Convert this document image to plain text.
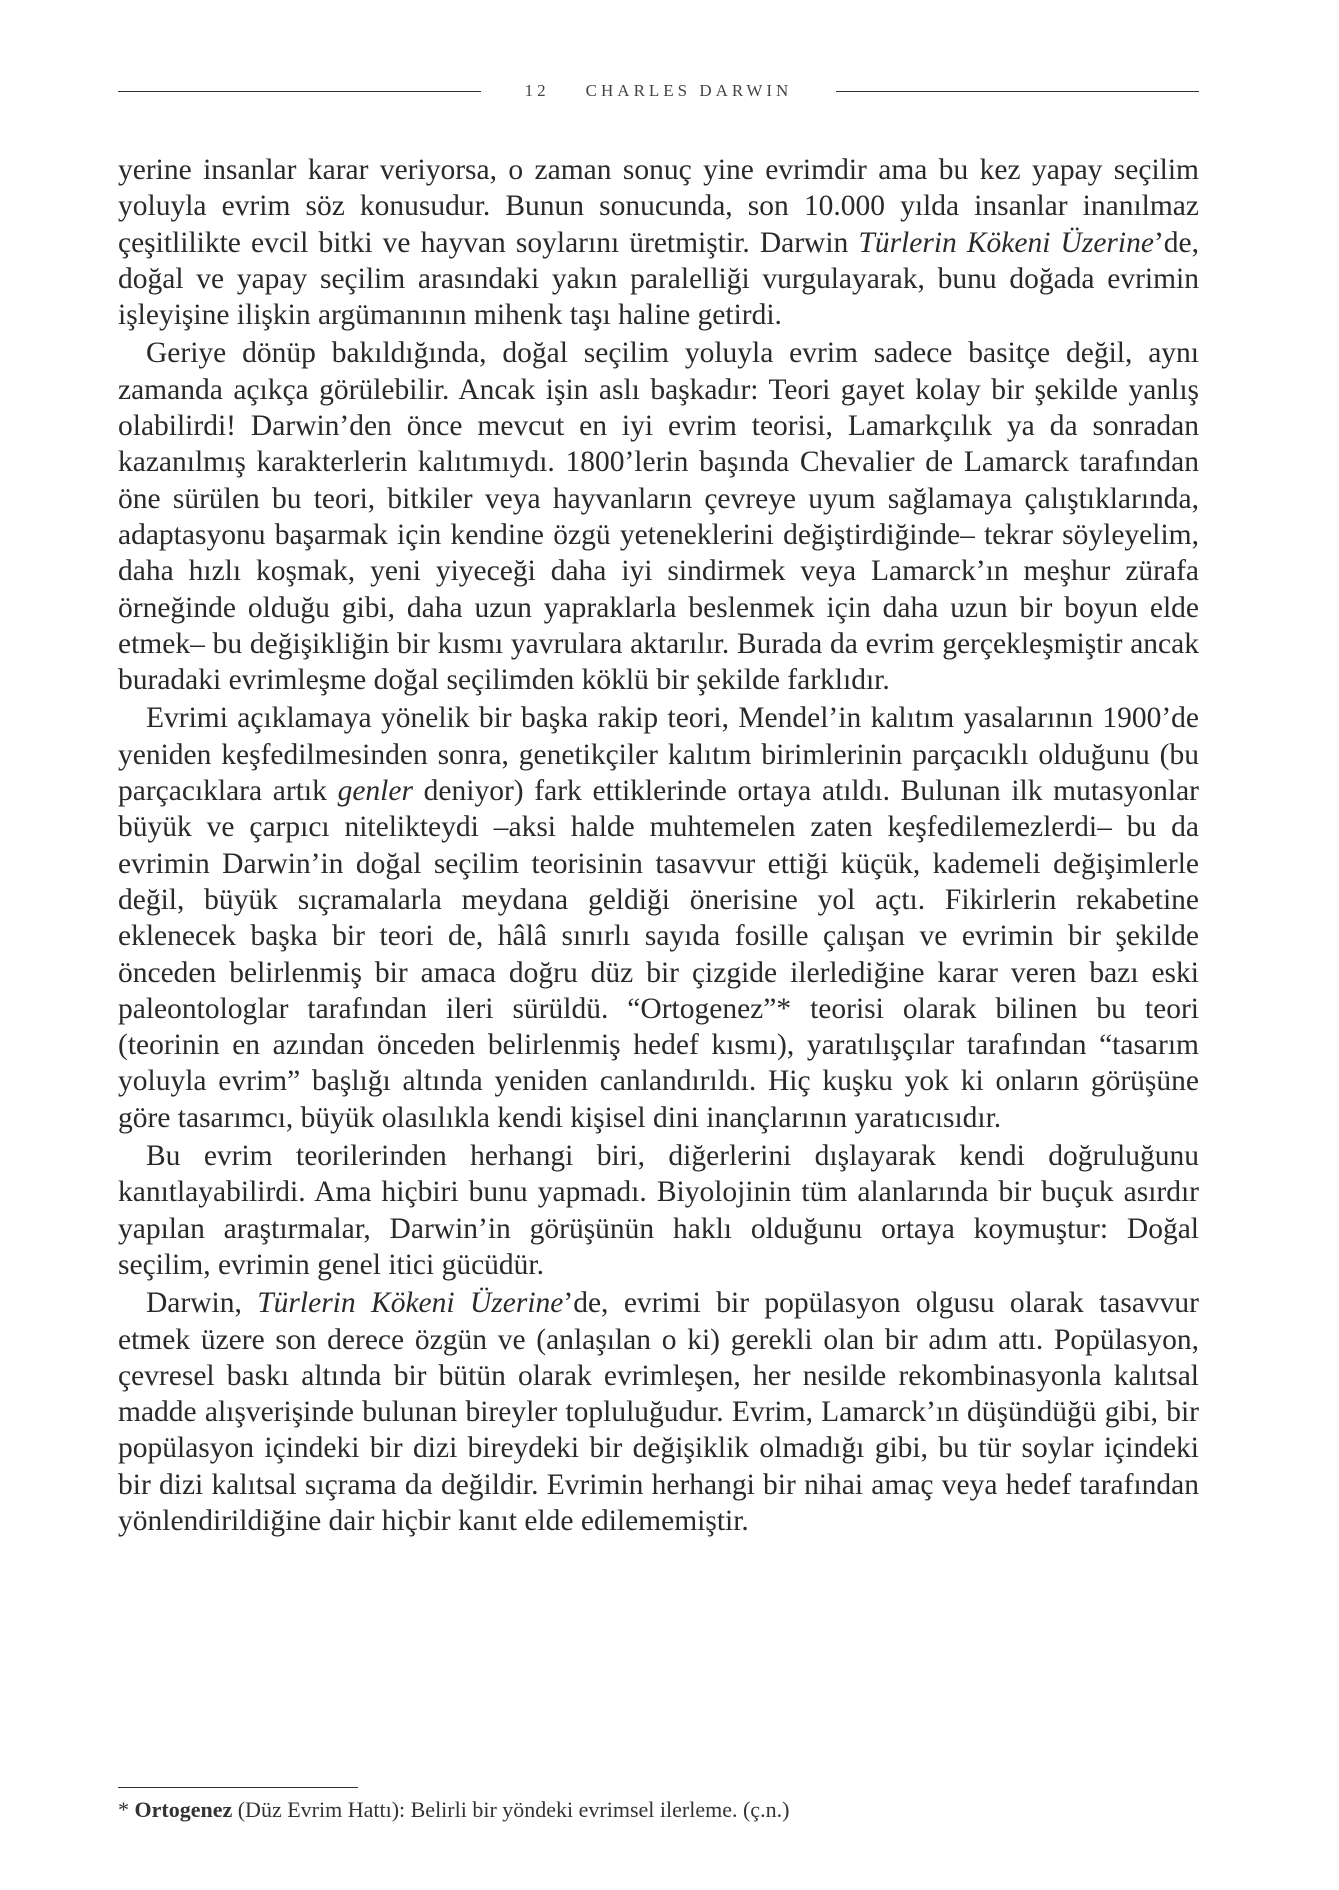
12 CHARLES DARWIN

yerine insanlar karar veriyorsa, o zaman sonuç yine evrimdir ama bu kez yapay seçilim yoluyla evrim söz konusudur. Bunun sonucunda, son 10.000 yılda insanlar inanılmaz çeşitlilikte evcil bitki ve hayvan soylarını üretmiştir. Darwin Türlerin Kökeni Üzerine’de, doğal ve yapay seçilim arasındaki yakın paralelliği vurgulayarak, bunu doğada evrimin işleyişine ilişkin argümanının mihenk taşı haline getirdi.

Geriye dönüp bakıldığında, doğal seçilim yoluyla evrim sadece basitçe değil, aynı zamanda açıkça görülebilir. Ancak işin aslı başkadır: Teori gayet kolay bir şekilde yanlış olabilirdi! Darwin’den önce mevcut en iyi evrim teorisi, Lamarkçılık ya da sonradan kazanılmış karakterlerin kalıtımıydı. 1800’lerin başında Chevalier de Lamarck tarafından öne sürülen bu teori, bitkiler veya hayvanların çevreye uyum sağlamaya çalıştıklarında, adaptasyonu başarmak için kendine özgü yeteneklerini değiştirdiğinde– tekrar söyleyelim, daha hızlı koşmak, yeni yiyeceği daha iyi sindirmek veya Lamarck’ın meşhur zürafa örneğinde olduğu gibi, daha uzun yapraklarla beslenmek için daha uzun bir boyun elde etmek– bu değişikliğin bir kısmı yavrulara aktarılır. Burada da evrim gerçekleşmiştir ancak buradaki evrimleşme doğal seçilimden köklü bir şekilde farklıdır.

Evrimi açıklamaya yönelik bir başka rakip teori, Mendel’in kalıtım yasalarının 1900’de yeniden keşfedilmesinden sonra, genetikçiler kalıtım birimlerinin parçacıklı olduğunu (bu parçacıklara artık genler deniyor) fark ettiklerinde ortaya atıldı. Bulunan ilk mutasyonlar büyük ve çarpıcı nitelikteydi –aksi halde muhtemelen zaten keşfedilemezlerdi– bu da evrimin Darwin’in doğal seçilim teorisinin tasavvur ettiği küçük, kademeli değişimlerle değil, büyük sıçramalarla meydana geldiği önerisine yol açtı. Fikirlerin rekabetine eklenecek başka bir teori de, hâlâ sınırlı sayıda fosille çalışan ve evrimin bir şekilde önceden belirlenmiş bir amaca doğru düz bir çizgide ilerlediğine karar veren bazı eski paleontologlar tarafından ileri sürüldü. “Ortogenez”* teorisi olarak bilinen bu teori (teorinin en azından önceden belirlenmiş hedef kısmı), yaratılışçılar tarafından “tasarım yoluyla evrim” başlığı altında yeniden canlandırıldı. Hiç kuşku yok ki onların görüşüne göre tasarımcı, büyük olasılıkla kendi kişisel dini inançlarının yaratıcısıdır.

Bu evrim teorilerinden herhangi biri, diğerlerini dışlayarak kendi doğruluğunu kanıtlayabilirdi. Ama hiçbiri bunu yapmadı. Biyolojinin tüm alanlarında bir buçuk asırdır yapılan araştırmalar, Darwin’in görüşünün haklı olduğunu ortaya koymuştur: Doğal seçilim, evrimin genel itici gücüdür.

Darwin, Türlerin Kökeni Üzerine’de, evrimi bir popülasyon olgusu olarak tasavvur etmek üzere son derece özgün ve (anlaşılan o ki) gerekli olan bir adım attı. Popülasyon, çevresel baskı altında bir bütün olarak evrimleşen, her nesilde rekombinasyonla kalıtsal madde alışverişinde bulunan bireyler topluluğudur. Evrim, Lamarck’ın düşündüğü gibi, bir popülasyon içindeki bir dizi bireydeki bir değişiklik olmadığı gibi, bu tür soylar içindeki bir dizi kalıtsal sıçrama da değildir. Evrimin herhangi bir nihai amaç veya hedef tarafından yönlendirildiğine dair hiçbir kanıt elde edilememiştir.

* Ortogenez (Düz Evrim Hattı): Belirli bir yöndeki evrimsel ilerleme. (ç.n.)
